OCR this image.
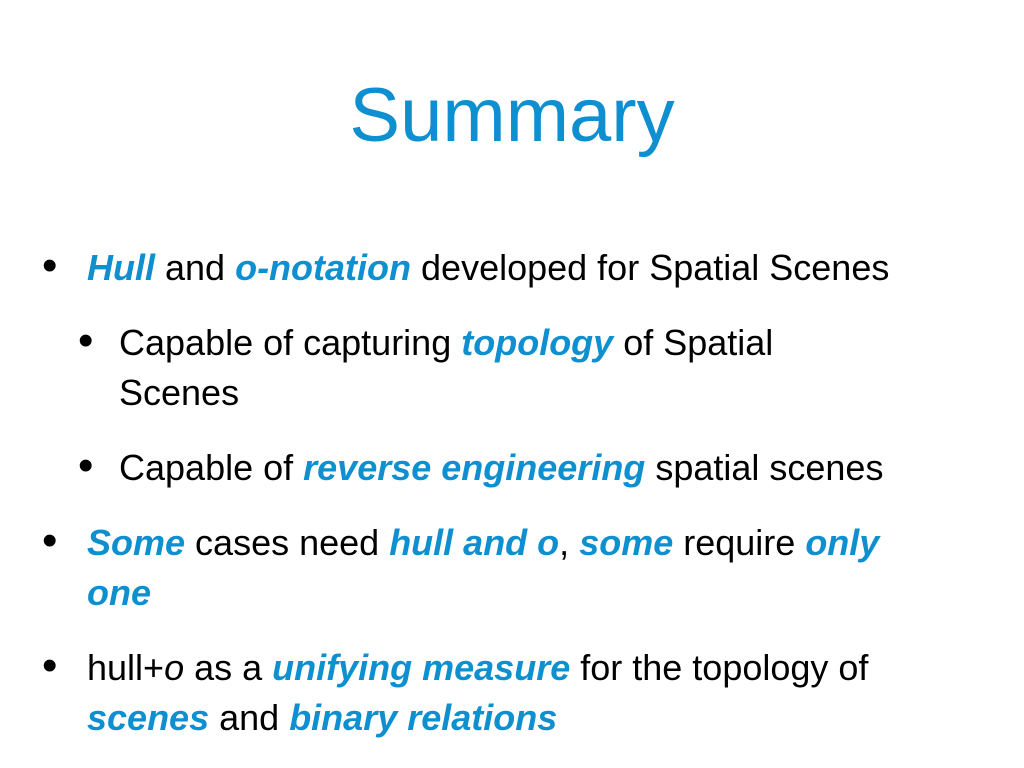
Summary
• Hull and o-notation developed for Spatial Scenes
• Capable of capturing topology of Spatial
Scenes
• Capable of reverse engineering spatial scenes
• Some cases need hull and o, some require only
one
• hull+o as a unifying measure for the topology of
scenes and binary relations
